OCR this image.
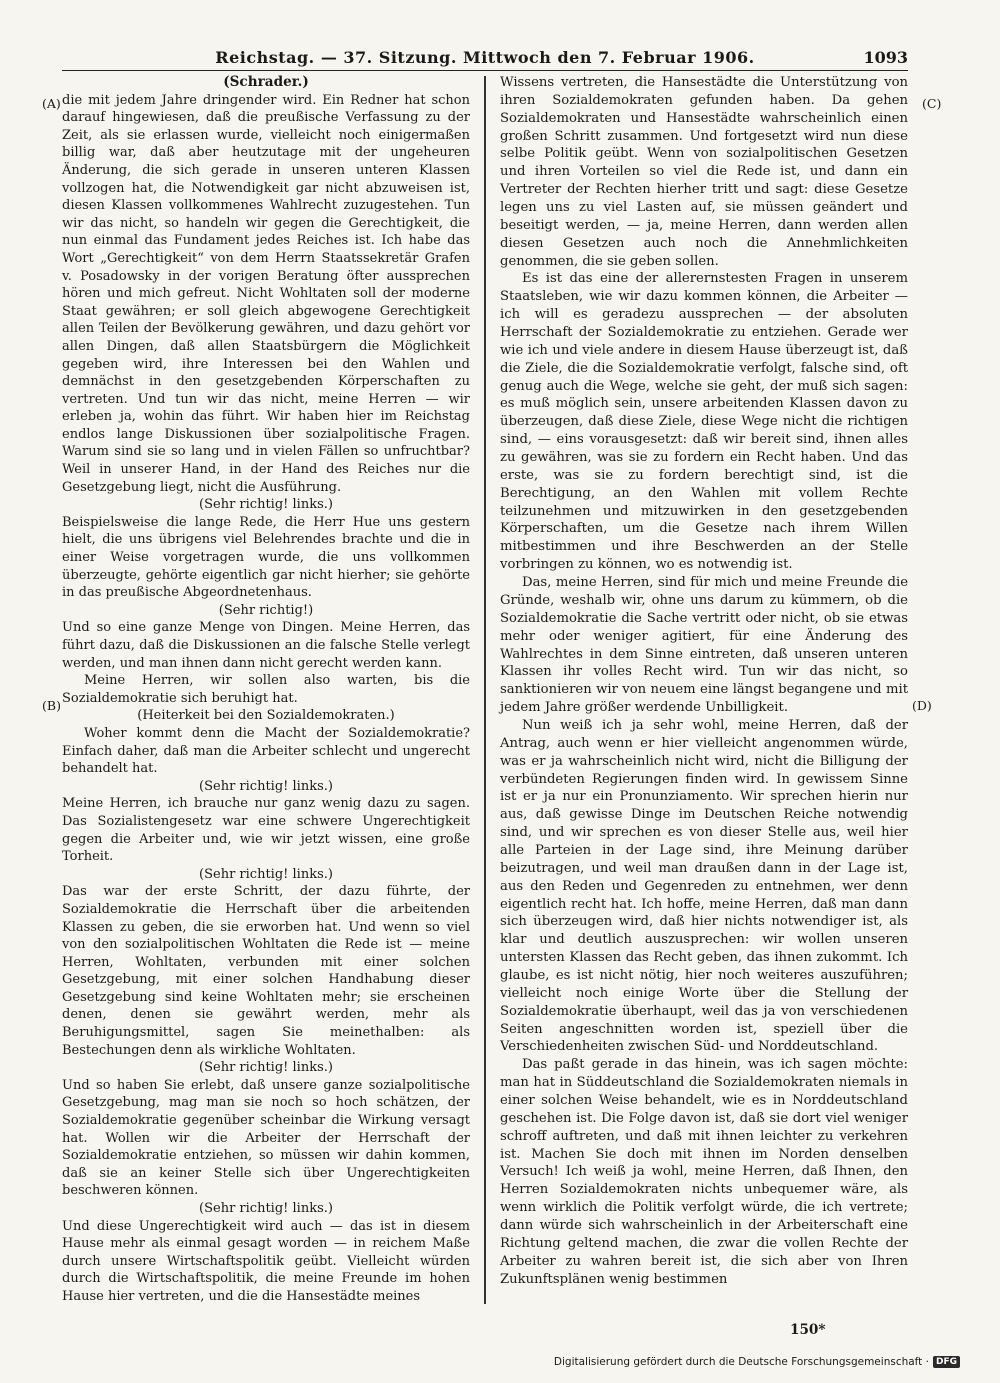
Reichstag. — 37. Sitzung. Mittwoch den 7. Februar 1906.	1093
(A)
(B)
(C)
(D)
(Schrader.)

die mit jedem Jahre dringender wird. Ein Redner hat schon darauf hingewiesen, daß die preußische Verfassung zu der Zeit, als sie erlassen wurde, vielleicht noch einigermaßen billig war, daß aber heutzutage mit der ungeheuren Änderung, die sich gerade in unseren unteren Klassen vollzogen hat, die Notwendigkeit gar nicht abzuweisen ist, diesen Klassen vollkommenes Wahlrecht zuzugestehen. Tun wir das nicht, so handeln wir gegen die Gerechtigkeit, die nun einmal das Fundament jedes Reiches ist. Ich habe das Wort „Gerechtigkeit“ von dem Herrn Staatssekretär Grafen v. Posadowsky in der vorigen Beratung öfter aussprechen hören und mich gefreut. Nicht Wohltaten soll der moderne Staat gewähren; er soll gleich abgewogene Gerechtigkeit allen Teilen der Bevölkerung gewähren, und dazu gehört vor allen Dingen, daß allen Staatsbürgern die Möglichkeit gegeben wird, ihre Interessen bei den Wahlen und demnächst in den gesetzgebenden Körperschaften zu vertreten. Und tun wir das nicht, meine Herren — wir erleben ja, wohin das führt. Wir haben hier im Reichstag endlos lange Diskussionen über sozialpolitische Fragen. Warum sind sie so lang und in vielen Fällen so unfruchtbar? Weil in unserer Hand, in der Hand des Reiches nur die Gesetzgebung liegt, nicht die Ausführung.

(Sehr richtig! links.)

Beispielsweise die lange Rede, die Herr Hue uns gestern hielt, die uns übrigens viel Belehrendes brachte und die in einer Weise vorgetragen wurde, die uns vollkommen überzeugte, gehörte eigentlich gar nicht hierher; sie gehörte in das preußische Abgeordnetenhaus.

(Sehr richtig!)

Und so eine ganze Menge von Dingen. Meine Herren, das führt dazu, daß die Diskussionen an die falsche Stelle verlegt werden, und man ihnen dann nicht gerecht werden kann.

Meine Herren, wir sollen also warten, bis die Sozialdemokratie sich beruhigt hat.

(Heiterkeit bei den Sozialdemokraten.)

Woher kommt denn die Macht der Sozialdemokratie? Einfach daher, daß man die Arbeiter schlecht und ungerecht behandelt hat.

(Sehr richtig! links.)

Meine Herren, ich brauche nur ganz wenig dazu zu sagen. Das Sozialistengesetz war eine schwere Ungerechtigkeit gegen die Arbeiter und, wie wir jetzt wissen, eine große Torheit.

(Sehr richtig! links.)

Das war der erste Schritt, der dazu führte, der Sozialdemokratie die Herrschaft über die arbeitenden Klassen zu geben, die sie erworben hat. Und wenn so viel von den sozialpolitischen Wohltaten die Rede ist — meine Herren, Wohltaten, verbunden mit einer solchen Gesetzgebung, mit einer solchen Handhabung dieser Gesetzgebung sind keine Wohltaten mehr; sie erscheinen denen, denen sie gewährt werden, mehr als Beruhigungsmittel, sagen Sie meinethalben: als Bestechungen denn als wirkliche Wohltaten.

(Sehr richtig! links.)

Und so haben Sie erlebt, daß unsere ganze sozialpolitische Gesetzgebung, mag man sie noch so hoch schätzen, der Sozialdemokratie gegenüber scheinbar die Wirkung versagt hat. Wollen wir die Arbeiter der Herrschaft der Sozialdemokratie entziehen, so müssen wir dahin kommen, daß sie an keiner Stelle sich über Ungerechtigkeiten beschweren können.

(Sehr richtig! links.)

Und diese Ungerechtigkeit wird auch — das ist in diesem Hause mehr als einmal gesagt worden — in reichem Maße durch unsere Wirtschaftspolitik geübt. Vielleicht würden durch die Wirtschaftspolitik, die meine Freunde im hohen Hause hier vertreten, und die die Hansestädte meines

Wissens vertreten, die Hansestädte die Unterstützung von ihren Sozialdemokraten gefunden haben. Da gehen Sozialdemokraten und Hansestädte wahrscheinlich einen großen Schritt zusammen. Und fortgesetzt wird nun diese selbe Politik geübt. Wenn von sozialpolitischen Gesetzen und ihren Vorteilen so viel die Rede ist, und dann ein Vertreter der Rechten hierher tritt und sagt: diese Gesetze legen uns zu viel Lasten auf, sie müssen geändert und beseitigt werden, — ja, meine Herren, dann werden allen diesen Gesetzen auch noch die Annehmlichkeiten genommen, die sie geben sollen.

Es ist das eine der allerernstesten Fragen in unserem Staatsleben, wie wir dazu kommen können, die Arbeiter — ich will es geradezu aussprechen — der absoluten Herrschaft der Sozialdemokratie zu entziehen. Gerade wer wie ich und viele andere in diesem Hause überzeugt ist, daß die Ziele, die die Sozialdemokratie verfolgt, falsche sind, oft genug auch die Wege, welche sie geht, der muß sich sagen: es muß möglich sein, unsere arbeitenden Klassen davon zu überzeugen, daß diese Ziele, diese Wege nicht die richtigen sind, — eins vorausgesetzt: daß wir bereit sind, ihnen alles zu gewähren, was sie zu fordern ein Recht haben. Und das erste, was sie zu fordern berechtigt sind, ist die Berechtigung, an den Wahlen mit vollem Rechte teilzunehmen und mitzuwirken in den gesetzgebenden Körperschaften, um die Gesetze nach ihrem Willen mitbestimmen und ihre Beschwerden an der Stelle vorbringen zu können, wo es notwendig ist.

Das, meine Herren, sind für mich und meine Freunde die Gründe, weshalb wir, ohne uns darum zu kümmern, ob die Sozialdemokratie die Sache vertritt oder nicht, ob sie etwas mehr oder weniger agitiert, für eine Änderung des Wahlrechtes in dem Sinne eintreten, daß unseren unteren Klassen ihr volles Recht wird. Tun wir das nicht, so sanktionieren wir von neuem eine längst begangene und mit jedem Jahre größer werdende Unbilligkeit.

Nun weiß ich ja sehr wohl, meine Herren, daß der Antrag, auch wenn er hier vielleicht angenommen würde, was er ja wahrscheinlich nicht wird, nicht die Billigung der verbündeten Regierungen finden wird. In gewissem Sinne ist er ja nur ein Pronunziamento. Wir sprechen hierin nur aus, daß gewisse Dinge im Deutschen Reiche notwendig sind, und wir sprechen es von dieser Stelle aus, weil hier alle Parteien in der Lage sind, ihre Meinung darüber beizutragen, und weil man draußen dann in der Lage ist, aus den Reden und Gegenreden zu entnehmen, wer denn eigentlich recht hat. Ich hoffe, meine Herren, daß man dann sich überzeugen wird, daß hier nichts notwendiger ist, als klar und deutlich auszusprechen: wir wollen unseren untersten Klassen das Recht geben, das ihnen zukommt. Ich glaube, es ist nicht nötig, hier noch weiteres auszuführen; vielleicht noch einige Worte über die Stellung der Sozialdemokratie überhaupt, weil das ja von verschiedenen Seiten angeschnitten worden ist, speziell über die Verschiedenheiten zwischen Süd- und Norddeutschland.

Das paßt gerade in das hinein, was ich sagen möchte: man hat in Süddeutschland die Sozialdemokraten niemals in einer solchen Weise behandelt, wie es in Norddeutschland geschehen ist. Die Folge davon ist, daß sie dort viel weniger schroff auftreten, und daß mit ihnen leichter zu verkehren ist. Machen Sie doch mit ihnen im Norden denselben Versuch! Ich weiß ja wohl, meine Herren, daß Ihnen, den Herren Sozialdemokraten nichts unbequemer wäre, als wenn wirklich die Politik verfolgt würde, die ich vertrete; dann würde sich wahrscheinlich in der Arbeiterschaft eine Richtung geltend machen, die zwar die vollen Rechte der Arbeiter zu wahren bereit ist, die sich aber von Ihren Zukunftsplänen wenig bestimmen

150*
Digitalisierung gefördert durch die Deutsche Forschungsgemeinschaft · DFG
